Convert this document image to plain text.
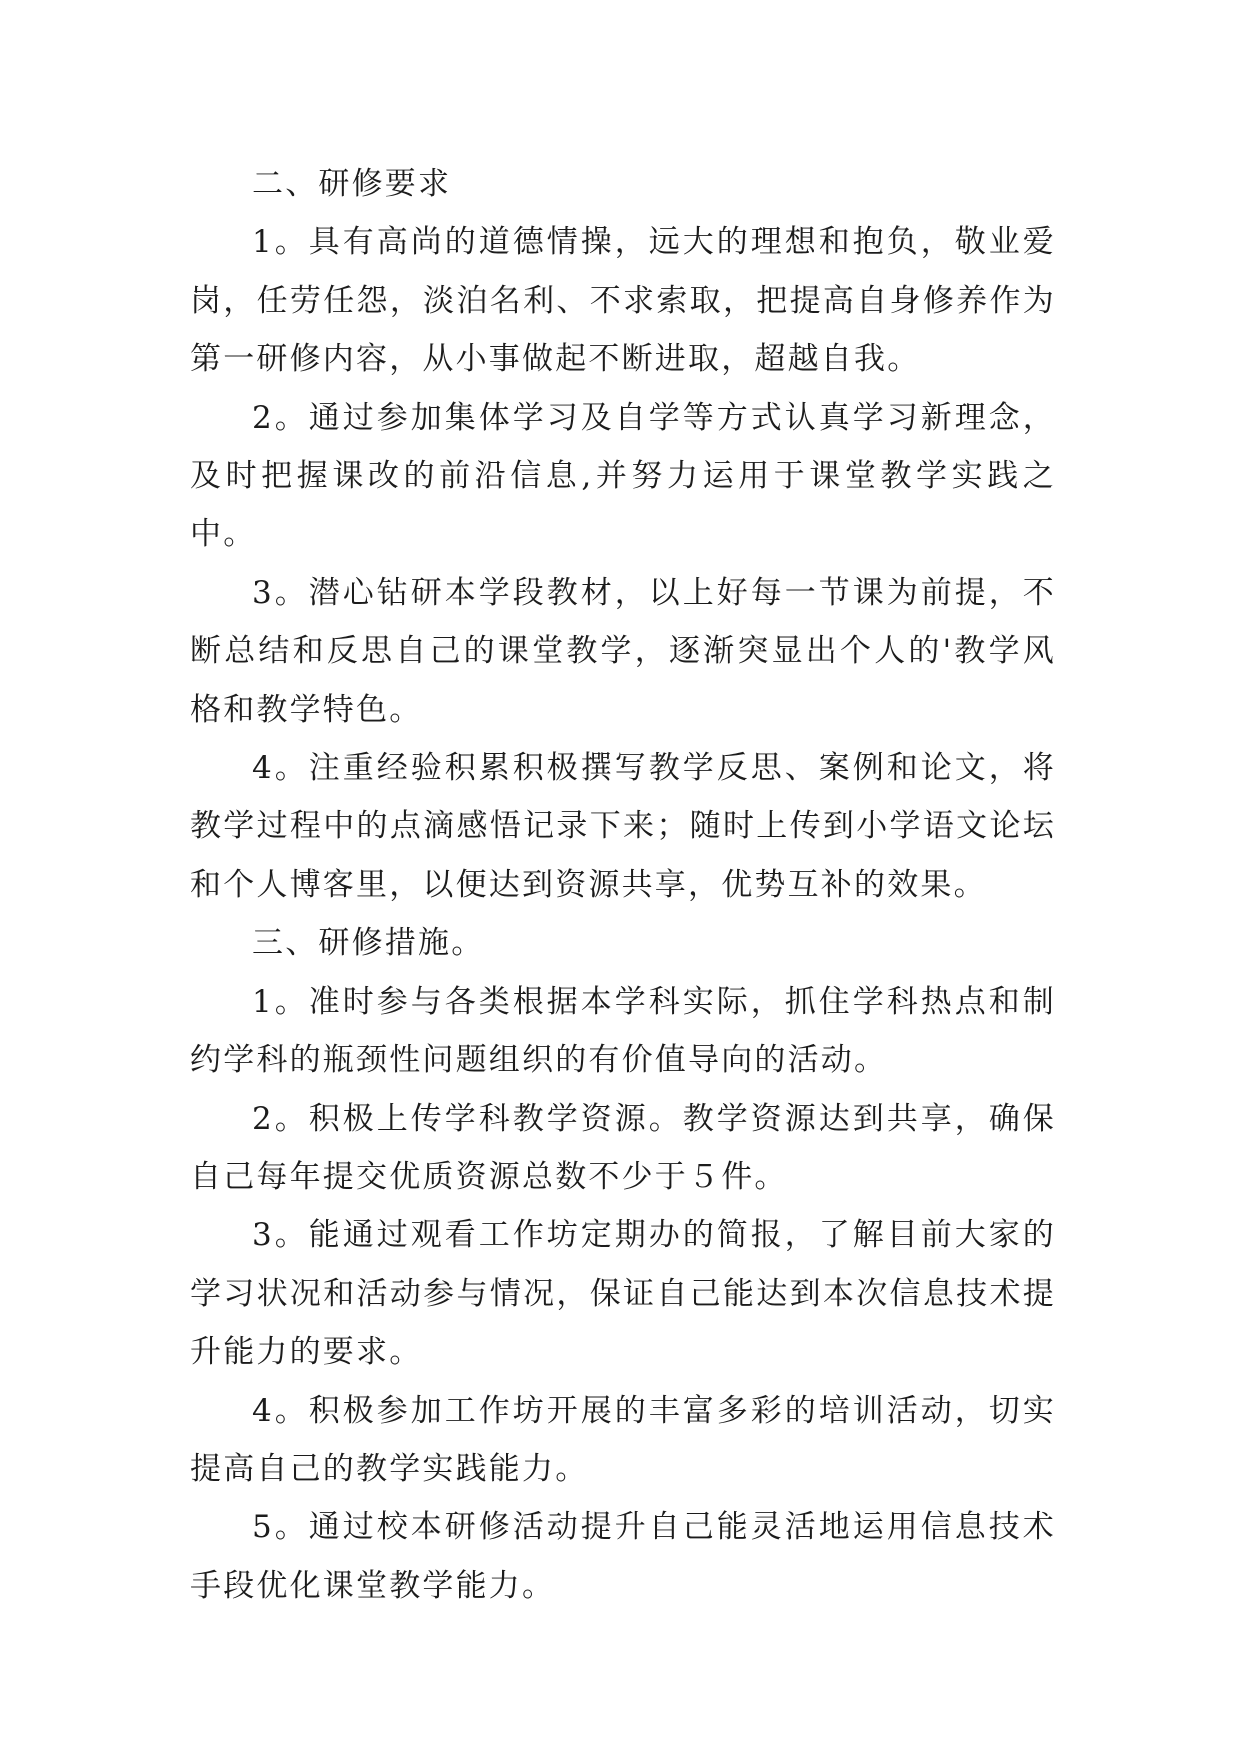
二、研修要求

1。具有高尚的道德情操，远大的理想和抱负，敬业爱岗，任劳任怨，淡泊名利、不求索取，把提高自身修养作为第一研修内容，从小事做起不断进取，超越自我。

2。通过参加集体学习及自学等方式认真学习新理念，及时把握课改的前沿信息,并努力运用于课堂教学实践之中。

3。潜心钻研本学段教材，以上好每一节课为前提，不断总结和反思自己的课堂教学，逐渐突显出个人的'教学风格和教学特色。

4。注重经验积累积极撰写教学反思、案例和论文，将教学过程中的点滴感悟记录下来；随时上传到小学语文论坛和个人博客里，以便达到资源共享，优势互补的效果。

三、研修措施。

1。准时参与各类根据本学科实际，抓住学科热点和制约学科的瓶颈性问题组织的有价值导向的活动。

2。积极上传学科教学资源。教学资源达到共享，确保自己每年提交优质资源总数不少于５件。

3。能通过观看工作坊定期办的简报，了解目前大家的学习状况和活动参与情况，保证自己能达到本次信息技术提升能力的要求。

4。积极参加工作坊开展的丰富多彩的培训活动，切实提高自己的教学实践能力。

5。通过校本研修活动提升自己能灵活地运用信息技术手段优化课堂教学能力。
